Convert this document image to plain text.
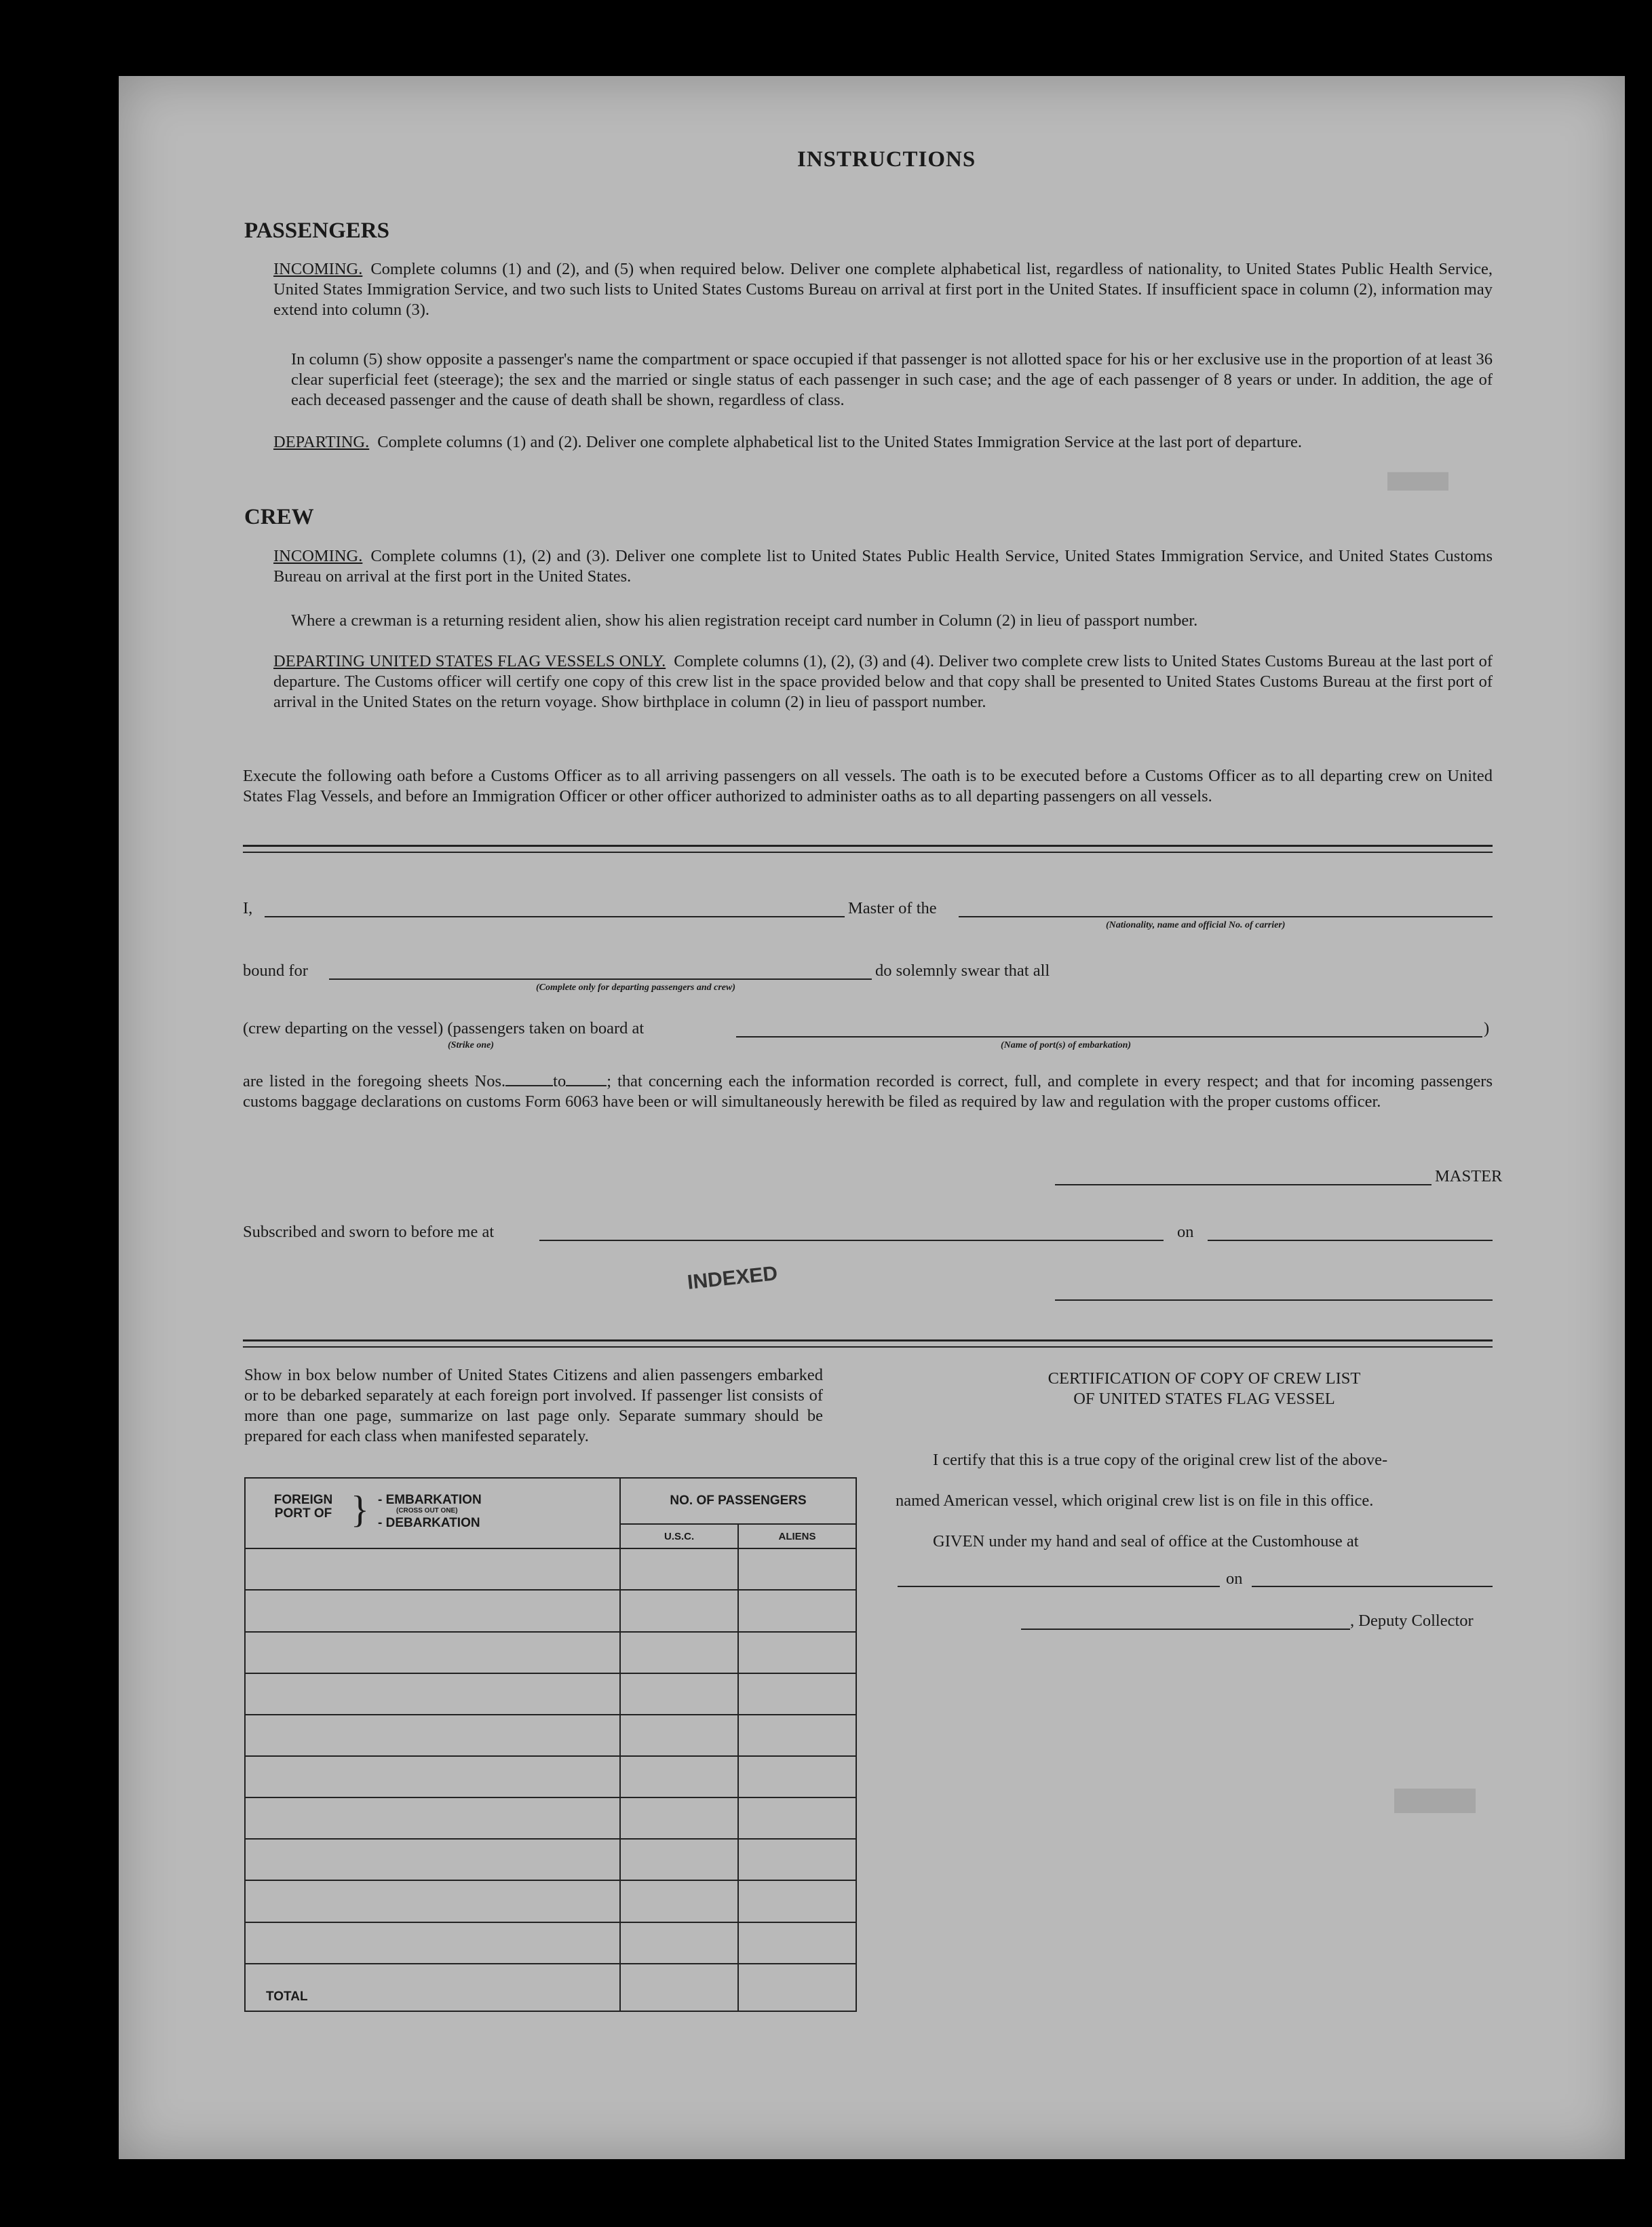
▬
▬
INSTRUCTIONS
PASSENGERS
INCOMING. Complete columns (1) and (2), and (5) when required below. Deliver one complete alphabetical list, regardless of nationality, to United States Public Health Service, United States Immigration Service, and two such lists to United States Customs Bureau on arrival at first port in the United States. If insufficient space in column (2), information may extend into column (3).
In column (5) show opposite a passenger's name the compartment or space occupied if that passenger is not allotted space for his or her exclusive use in the proportion of at least 36 clear superficial feet (steerage); the sex and the married or single status of each passenger in such case; and the age of each passenger of 8 years or under. In addition, the age of each deceased passenger and the cause of death shall be shown, regardless of class.
DEPARTING. Complete columns (1) and (2). Deliver one complete alphabetical list to the United States Immigration Service at the last port of departure.
CREW
INCOMING. Complete columns (1), (2) and (3). Deliver one complete list to United States Public Health Service, United States Immigration Service, and United States Customs Bureau on arrival at the first port in the United States.
Where a crewman is a returning resident alien, show his alien registration receipt card number in Column (2) in lieu of passport number.
DEPARTING UNITED STATES FLAG VESSELS ONLY. Complete columns (1), (2), (3) and (4). Deliver two complete crew lists to United States Customs Bureau at the last port of departure. The Customs officer will certify one copy of this crew list in the space provided below and that copy shall be presented to United States Customs Bureau at the first port of arrival in the United States on the return voyage. Show birthplace in column (2) in lieu of passport number.
Execute the following oath before a Customs Officer as to all arriving passengers on all vessels. The oath is to be executed before a Customs Officer as to all departing crew on United States Flag Vessels, and before an Immigration Officer or other officer authorized to administer oaths as to all departing passengers on all vessels.
I,	Master of the
(Nationality, name and official No. of carrier)
bound for
(Complete only for departing passengers and crew)
do solemnly swear that all
(crew departing on the vessel) (passengers taken on board at
(Strike one)
)
(Name of port(s) of embarkation)
are listed in the foregoing sheets Nos.	to ; that concerning each the information recorded is correct, full, and complete in every respect; and that for incoming passengers customs baggage declarations on customs Form 6063 have been or will simultaneously herewith be filed as required by law and regulation with the proper customs officer.
MASTER
Subscribed and sworn to before me at	on
INDEXED
Show in box below number of United States Citizens and alien passengers embarked or to be debarked separately at each foreign port involved. If passenger list consists of more than one page, summarize on last page only. Separate summary should be prepared for each class when manifested separately.
FOREIGN PORT OF } - EMBARKATION
(CROSS OUT ONE)
- DEBARKATION	NO. OF PASSENGERS	
	U.S.C.	ALIENS

TOTAL		

CERTIFICATION OF COPY OF CREW LIST
OF UNITED STATES FLAG VESSEL
I certify that this is a true copy of the original crew list of the above-
named American vessel, which original crew list is on file in this office.
GIVEN under my hand and seal of office at the Customhouse at
on
, Deputy Collector
